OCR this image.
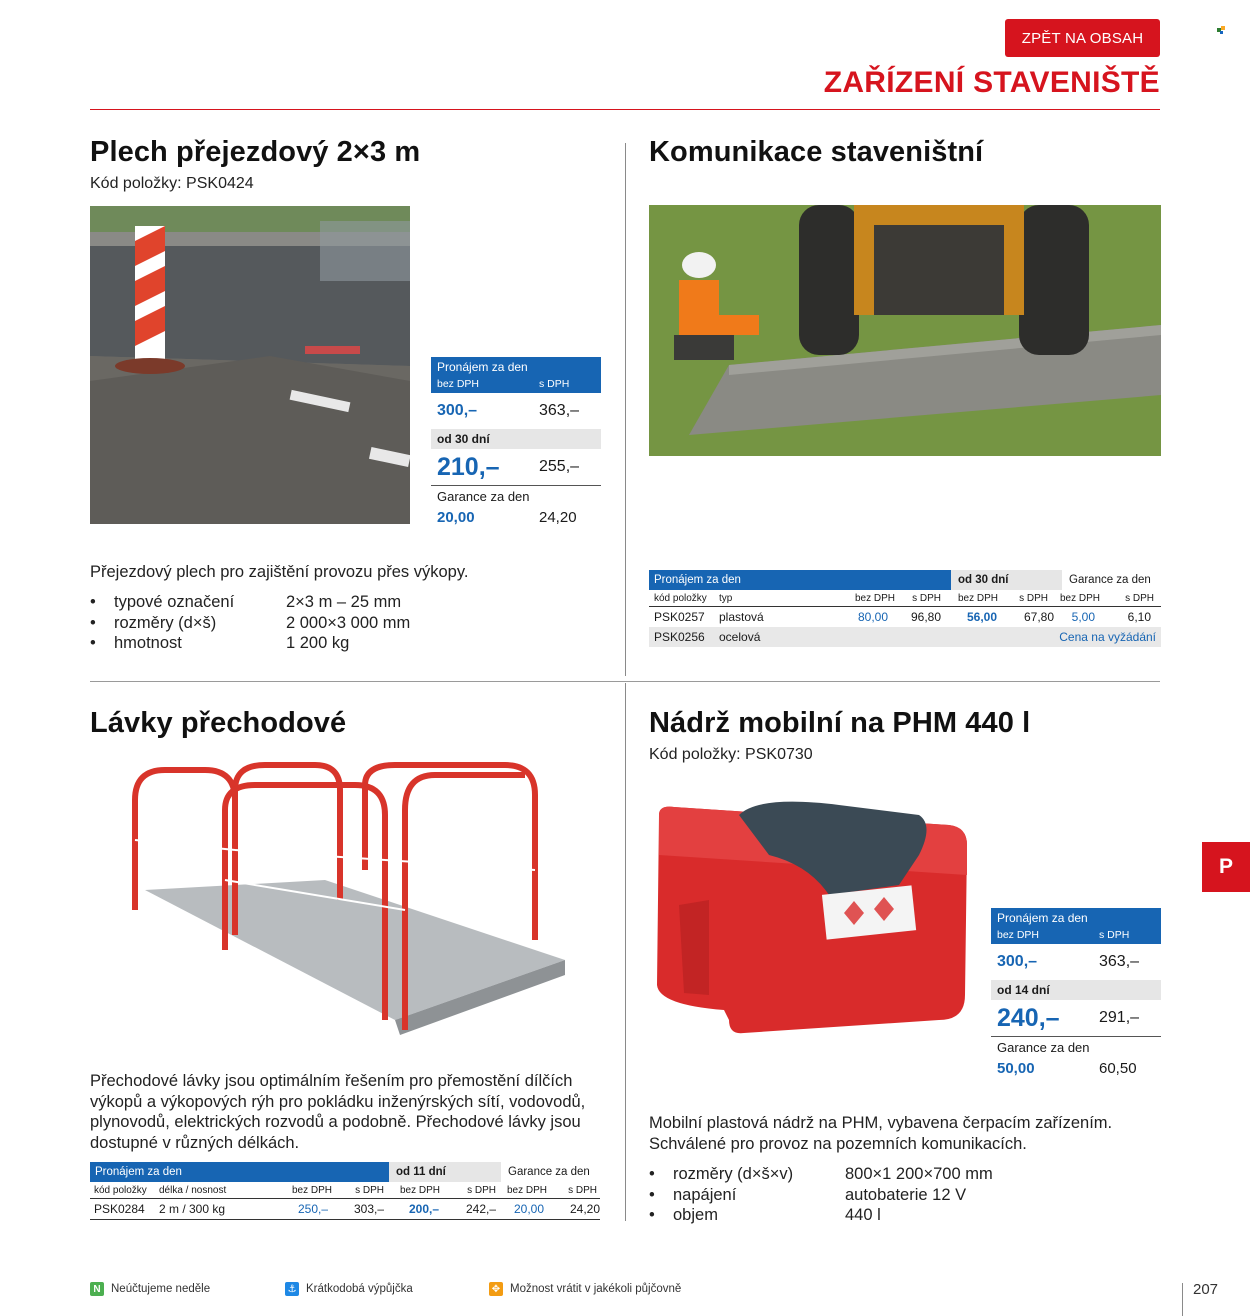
ZPĚT NA OBSAH
ZAŘÍZENÍ STAVENIŠTĚ
Plech přejezdový 2×3 m
Kód položky: PSK0424
Pronájem za den
bez DPH	s DPH
300,–	363,–
od 30 dní
210,–	255,–
Garance za den
20,00	24,20
Přejezdový plech pro zajištění provozu přes výkopy.
•	typové označení	2×3 m – 25 mm
•	rozměry (d×š)	2 000×3 000 mm
•	hmotnost	1 200 kg
Komunikace staveništní
Pronájem za den	od 30 dní	Garance za den
kód položky	typ	bez DPH	s DPH	bez DPH	s DPH	bez DPH	s DPH
PSK0257	plastová	80,00	96,80	56,00	67,80	5,00	6,10
PSK0256	ocelová	Cena na vyžádání
Lávky přechodové
Přechodové lávky jsou optimálním řešením pro přemostění dílčích
výkopů a výkopových rýh pro pokládku inženýrských sítí, vodovodů,
plynovodů, elektrických rozvodů a podobně. Přechodové lávky jsou
dostupné v různých délkách.
Pronájem za den	od 11 dní	Garance za den
kód položky	délka / nosnost	bez DPH	s DPH	bez DPH	s DPH	bez DPH	s DPH
PSK0284	2 m / 300 kg	250,–	303,–	200,–	242,–	20,00	24,20
Nádrž mobilní na PHM 440 l
Kód položky: PSK0730
Pronájem za den
bez DPH	s DPH
300,–	363,–
od 14 dní
240,–	291,–
Garance za den
50,00	60,50
Mobilní plastová nádrž na PHM, vybavena čerpacím zařízením.
Schválené pro provoz na pozemních komunikacích.
•	rozměry (d×š×v)	800×1 200×700 mm
•	napájení	autobaterie 12 V
•	objem	440 l
P
N Neúčtujeme neděle	⚓ Krátkodobá výpůjčka	✥ Možnost vrátit v jakékoli půjčovně	207
